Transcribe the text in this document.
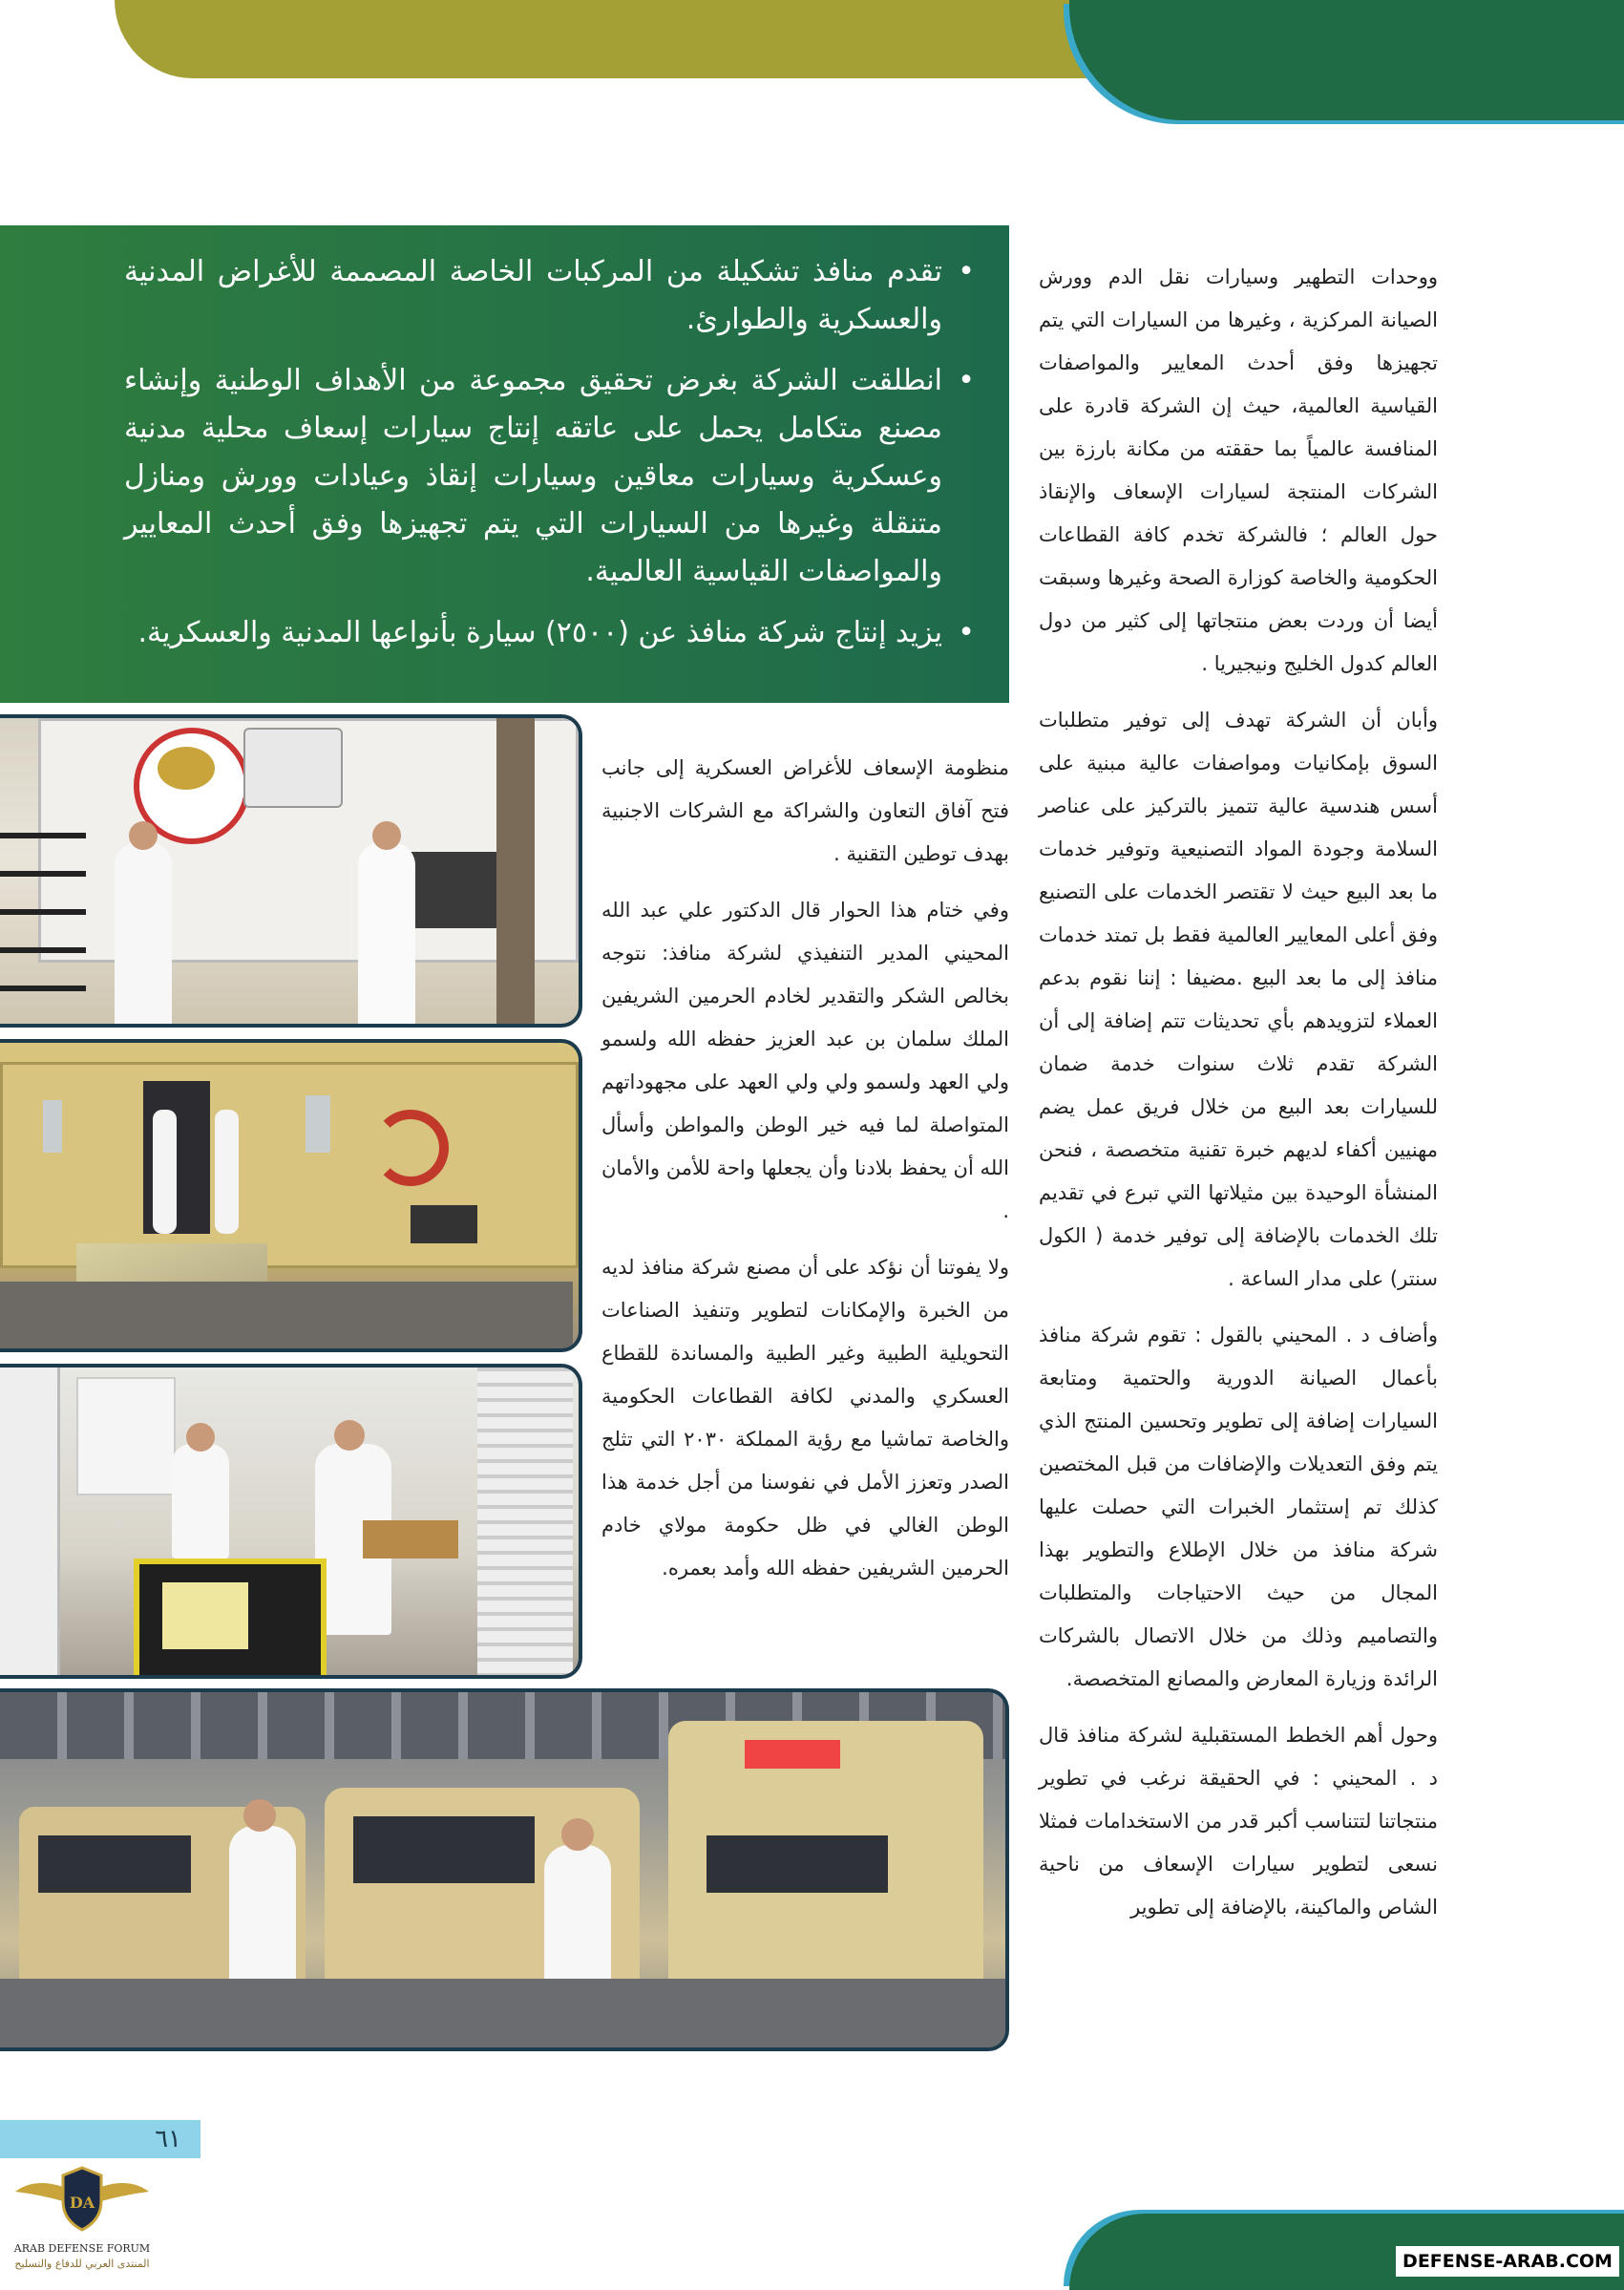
• تقدم منافذ تشكيلة من المركبات الخاصة المصممة للأغراض المدنية والعسكرية والطوارئ.
• انطلقت الشركة بغرض تحقيق مجموعة من الأهداف الوطنية وإنشاء مصنع متكامل يحمل على عاتقه إنتاج سيارات إسعاف محلية مدنية وعسكرية وسيارات معاقين وسيارات إنقاذ وعيادات وورش ومنازل متنقلة وغيرها من السيارات التي يتم تجهيزها وفق أحدث المعايير والمواصفات القياسية العالمية.
• يزيد إنتاج شركة منافذ عن (٢٥٠٠) سيارة بأنواعها المدنية والعسكرية.

ووحدات التطهير وسيارات نقل الدم وورش الصيانة المركزية ، وغيرها من السيارات التي يتم تجهيزها وفق أحدث المعايير والمواصفات القياسية العالمية، حيث إن الشركة قادرة على المنافسة عالمياً بما حققته من مكانة بارزة بين الشركات المنتجة لسيارات الإسعاف والإنقاذ حول العالم ؛ فالشركة تخدم كافة القطاعات الحكومية والخاصة كوزارة الصحة وغيرها وسبقت أيضا أن وردت بعض منتجاتها إلى كثير من دول العالم كدول الخليج ونيجيريا .

وأبان أن الشركة تهدف إلى توفير متطلبات السوق بإمكانيات ومواصفات عالية مبنية على أسس هندسية عالية تتميز بالتركيز على عناصر السلامة وجودة المواد التصنيعية وتوفير خدمات ما بعد البيع حيث لا تقتصر الخدمات على التصنيع وفق أعلى المعايير العالمية فقط بل تمتد خدمات منافذ إلى ما بعد البيع .مضيفا : إننا نقوم بدعم العملاء لتزويدهم بأي تحديثات تتم إضافة إلى أن الشركة تقدم ثلاث سنوات خدمة ضمان للسيارات بعد البيع من خلال فريق عمل يضم مهنيين أكفاء لديهم خبرة تقنية متخصصة ، فنحن المنشأة الوحيدة بين مثيلاتها التي تبرع في تقديم تلك الخدمات بالإضافة إلى توفير خدمة ( الكول سنتر) على مدار الساعة .

وأضاف د . المحيني بالقول : تقوم شركة منافذ بأعمال الصيانة الدورية والحتمية ومتابعة السيارات إضافة إلى تطوير وتحسين المنتج الذي يتم وفق التعديلات والإضافات من قبل المختصين كذلك تم إستثمار الخبرات التي حصلت عليها شركة منافذ من خلال الإطلاع والتطوير بهذا المجال من حيث الاحتياجات والمتطلبات والتصاميم وذلك من خلال الاتصال بالشركات الرائدة وزيارة المعارض والمصانع المتخصصة.

وحول أهم الخطط المستقبلية لشركة منافذ قال د . المحيني : في الحقيقة نرغب في تطوير منتجاتنا لتتناسب أكبر قدر من الاستخدامات فمثلا نسعى لتطوير سيارات الإسعاف من ناحية الشاص والماكينة، بالإضافة إلى تطوير

منظومة الإسعاف للأغراض العسكرية إلى جانب فتح آفاق التعاون والشراكة مع الشركات الاجنبية بهدف توطين التقنية .

وفي ختام هذا الحوار قال الدكتور علي عبد الله المحيني المدير التنفيذي لشركة منافذ: نتوجه بخالص الشكر والتقدير لخادم الحرمين الشريفين الملك سلمان بن عبد العزيز حفظه الله ولسمو ولي العهد ولسمو ولي ولي العهد على مجهوداتهم المتواصلة لما فيه خير الوطن والمواطن وأسأل الله أن يحفظ بلادنا وأن يجعلها واحة للأمن والأمان .

ولا يفوتنا أن نؤكد على أن مصنع شركة منافذ لديه من الخبرة والإمكانات لتطوير وتنفيذ الصناعات التحويلية الطبية وغير الطبية والمساندة للقطاع العسكري والمدني لكافة القطاعات الحكومية والخاصة تماشيا مع رؤية المملكة ٢٠٣٠ التي تثلج الصدر وتعزز الأمل في نفوسنا من أجل خدمة هذا الوطن الغالي في ظل حكومة مولاي خادم الحرمين الشريفين حفظه الله وأمد بعمره.

٦١
DA
ARAB DEFENSE FORUM
المنتدى العربي للدفاع والتسليح	DEFENSE-ARAB.COM
